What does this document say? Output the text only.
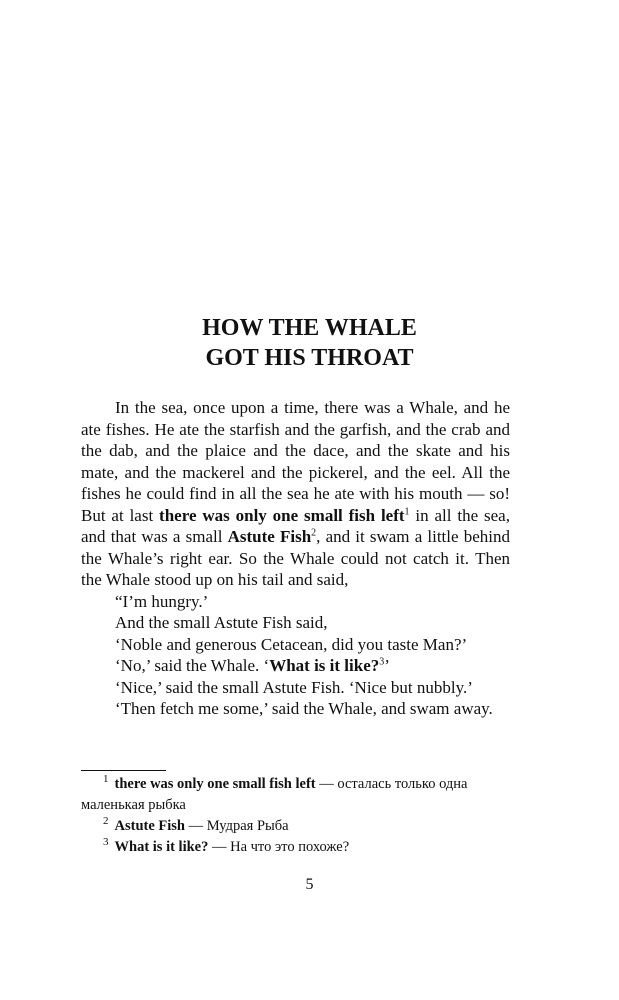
HOW THE WHALE
GOT HIS THROAT

In the sea, once upon a time, there was a Whale, and he ate fishes. He ate the starfish and the garfish, and the crab and the dab, and the plaice and the dace, and the skate and his mate, and the mackerel and the pickerel, and the eel. All the fishes he could find in all the sea he ate with his mouth — so! But at last there was only one small fish left$^1$ in all the sea, and that was a small Astute Fish$^2$, and it swam a little behind the Whale’s right ear. So the Whale could not catch it. Then the Whale stood up on his tail and said,

“I’m hungry.’

And the small Astute Fish said,

‘Noble and generous Cetacean, did you taste Man?’

‘No,’ said the Whale. ‘What is it like?$^3$’

‘Nice,’ said the small Astute Fish. ‘Nice but nubbly.’

‘Then fetch me some,’ said the Whale, and swam away.

$^1$ there was only one small fish left — осталась только одна маленькая рыбка

$^2$ Astute Fish — Мудрая Рыба

$^3$ What is it like? — На что это похоже?

5
